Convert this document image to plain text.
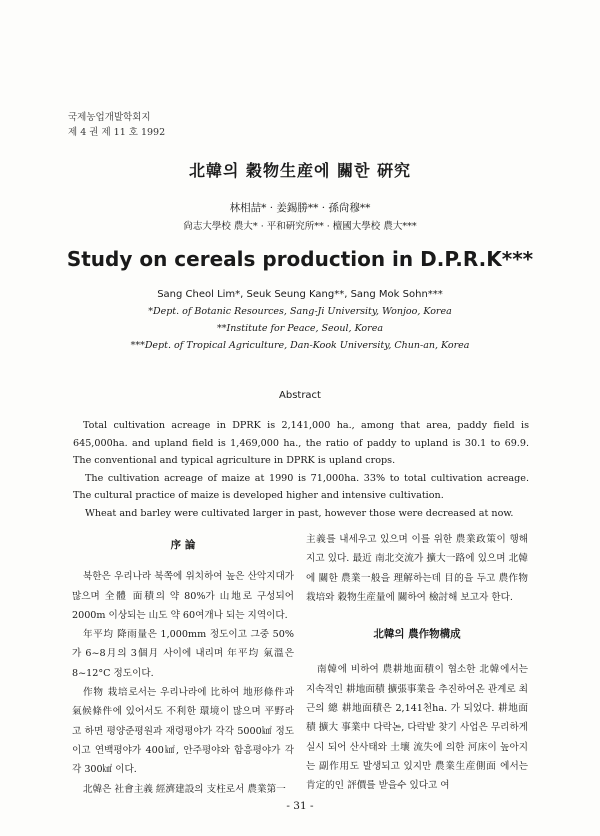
국제농업개발학회지
제 4 권 제 11 호 1992
北韓의 穀物生産에 關한 硏究
林相喆* · 姜錫勝** · 孫尙穆**
尙志大學校 農大* · 平和硏究所** · 檀國大學校 農大***
Study on cereals production in D.P.R.K***
Sang Cheol Lim*, Seuk Seung Kang**, Sang Mok Sohn***
*Dept. of Botanic Resources, Sang-Ji University, Wonjoo, Korea
**Institute for Peace, Seoul, Korea
***Dept. of Tropical Agriculture, Dan-Kook University, Chun-an, Korea
Abstract

Total cultivation acreage in DPRK is 2,141,000 ha., among that area, paddy field is 645,000ha. and upland field is 1,469,000 ha., the ratio of paddy to upland is 30.1 to 69.9. The conventional and typical agriculture in DPRK is upland crops.

The cultivation acreage of maize at 1990 is 71,000ha. 33% to total cultivation acreage. The cultural practice of maize is developed higher and intensive cultivation.

Wheat and barley were cultivated larger in past, however those were decreased at now.

序 論

북한은 우리나라 북쪽에 위치하여 높은 산악지대가 많으며 全體 面積의 약 80%가 山地로 구성되어 2000m 이상되는 山도 약 60여개나 되는 지역이다.

年平均 降雨量은 1,000mm 정도이고 그중 50%가 6~8月의 3個月 사이에 내리며 年平均 氣溫은 8~12°C 정도이다.

作物 栽培로서는 우리나라에 比하여 地形條件과 氣候條件에 있어서도 不利한 環境이 많으며 平野라고 하면 평양준평원과 재령평야가 각각 5000㎢ 정도이고 연백평야가 400㎢, 안주평야와 함흥평야가 각각 300㎢ 이다.

北韓은 社會主義 經濟建設의 支柱로서 農業第一

主義를 내세우고 있으며 이를 위한 農業政策이 행해지고 있다. 最近 南北交流가 擴大一路에 있으며 北韓에 關한 農業一般을 理解하는데 目的을 두고 農作物栽培와 穀物生産量에 關하여 檢討해 보고자 한다.

北韓의 農作物構成

南韓에 비하여 農耕地面積이 협소한 北韓에서는 지속적인 耕地面積 擴張事業을 추진하여온 관계로 최근의 總 耕地面積은 2,141천ha. 가 되었다. 耕地面積 擴大 事業中 다락논, 다락밭 찾기 사업은 무리하게 실시 되어 산사태와 土壤 流失에 의한 河床이 높아지는 副作用도 발생되고 있지만 農業生産側面 에서는 肯定的인 評價를 받을수 있다고 여

- 31 -
